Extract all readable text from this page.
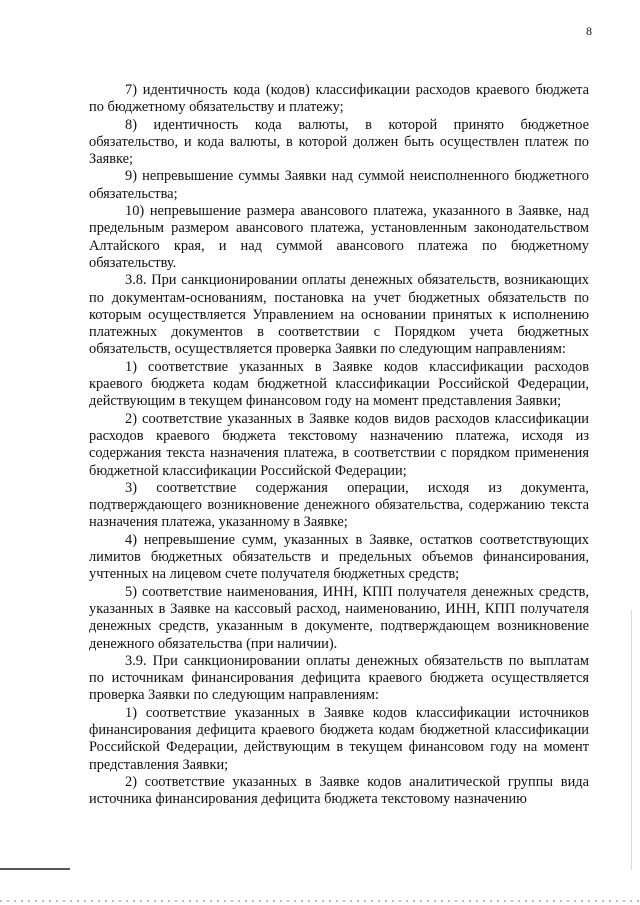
8

7) идентичность кода (кодов) классификации расходов краевого бюджета по бюджетному обязательству и платежу;

8) идентичность кода валюты, в которой принято бюджетное обязательство, и кода валюты, в которой должен быть осуществлен платеж по Заявке;

9) непревышение суммы Заявки над суммой неисполненного бюджетного обязательства;

10) непревышение размера авансового платежа, указанного в Заявке, над предельным размером авансового платежа, установленным законодательством Алтайского края, и над суммой авансового платежа по бюджетному обязательству.

3.8. При санкционировании оплаты денежных обязательств, возникающих по документам-основаниям, постановка на учет бюджетных обязательств по которым осуществляется Управлением на основании принятых к исполнению платежных документов в соответствии с Порядком учета бюджетных обязательств, осуществляется проверка Заявки по следующим направлениям:

1) соответствие указанных в Заявке кодов классификации расходов краевого бюджета кодам бюджетной классификации Российской Федерации, действующим в текущем финансовом году на момент представления Заявки;

2) соответствие указанных в Заявке кодов видов расходов классификации расходов краевого бюджета текстовому назначению платежа, исходя из содержания текста назначения платежа, в соответствии с порядком применения бюджетной классификации Российской Федерации;

3) соответствие содержания операции, исходя из документа, подтверждающего возникновение денежного обязательства, содержанию текста назначения платежа, указанному в Заявке;

4) непревышение сумм, указанных в Заявке, остатков соответствующих лимитов бюджетных обязательств и предельных объемов финансирования, учтенных на лицевом счете получателя бюджетных средств;

5) соответствие наименования, ИНН, КПП получателя денежных средств, указанных в Заявке на кассовый расход, наименованию, ИНН, КПП получателя денежных средств, указанным в документе, подтверждающем возникновение денежного обязательства (при наличии).

3.9. При санкционировании оплаты денежных обязательств по выплатам по источникам финансирования дефицита краевого бюджета осуществляется проверка Заявки по следующим направлениям:

1) соответствие указанных в Заявке кодов классификации источников финансирования дефицита краевого бюджета кодам бюджетной классификации Российской Федерации, действующим в текущем финансовом году на момент представления Заявки;

2) соответствие указанных в Заявке кодов аналитической группы вида источника финансирования дефицита бюджета текстовому назначению
